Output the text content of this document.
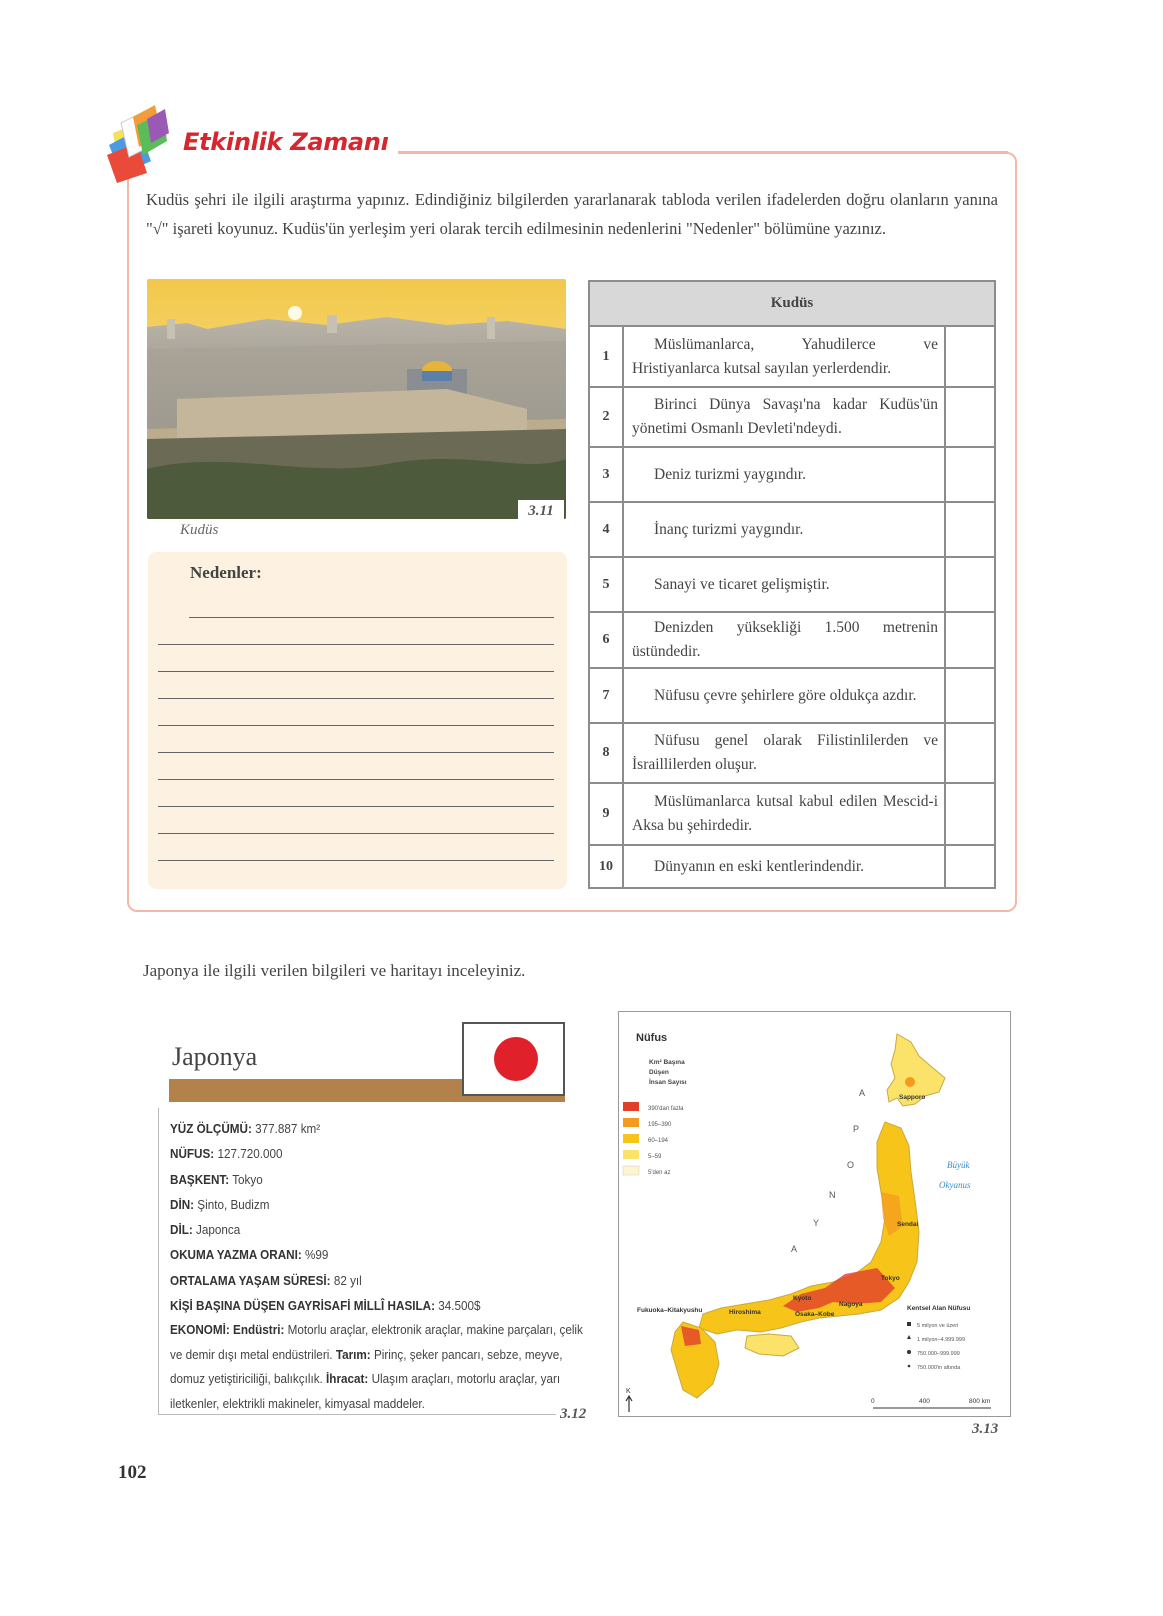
Etkinlik Zamanı
Kudüs şehri ile ilgili araştırma yapınız. Edindiğiniz bilgilerden yararlanarak tabloda verilen ifadelerden doğru olanların yanına "√" işareti koyunuz. Kudüs'ün yerleşim yeri olarak tercih edilmesinin nedenlerini "Nedenler" bölümüne yazınız.
3.11
Kudüs
Nedenler:
Kudüs		
1	Müslümanlarca, Yahudilerce ve Hristiyanlarca kutsal sayılan yerlerdendir.	
2	Birinci Dünya Savaşı'na kadar Kudüs'ün yönetimi Osmanlı Devleti'ndeydi.	
3	Deniz turizmi yaygındır.	
4	İnanç turizmi yaygındır.	
5	Sanayi ve ticaret gelişmiştir.	
6	Denizden yüksekliği 1.500 metrenin üstündedir.	
7	Nüfusu çevre şehirlere göre oldukça azdır.	
8	Nüfusu genel olarak Filistinlilerden ve İsraillilerden oluşur.	
9	Müslümanlarca kutsal kabul edilen Mescid-i Aksa bu şehirdedir.	
10	Dünyanın en eski kentlerindendir.	
Japonya ile ilgili verilen bilgileri ve haritayı inceleyiniz.
Japonya
YÜZ ÖLÇÜMÜ: 377.887 km²
NÜFUS: 127.720.000
BAŞKENT: Tokyo
DİN: Şinto, Budizm
DİL: Japonca
OKUMA YAZMA ORANI: %99
ORTALAMA YAŞAM SÜRESİ: 82 yıl
KİŞİ BAŞINA DÜŞEN GAYRİSAFİ MİLLÎ HASILA: 34.500$
EKONOMİ: Endüstri: Motorlu araçlar, elektronik araçlar, makine parçaları, çelik ve demir dışı metal endüstrileri. Tarım: Pirinç, şeker pancarı, sebze, meyve, domuz yetiştiriciliği, balıkçılık. İhracat: Ulaşım araçları, motorlu araçlar, yarı iletkenler, elektrikli makineler, kimyasal maddeler.
3.12
Nüfus
Km² Başına
Düşen
İnsan Sayısı
390'dan fazla
195–390
60–194
5–59
5'den az
Sapporo
Sendai
Tokyo
Nagoya
Kyoto
Osaka–Kobe
Hiroshima
Fukuoka–Kitakyushu
A
P
O
N
Y
A
Büyük
Okyanus
Kentsel Alan Nüfusu
5 milyon ve üzeri
1 milyon–4.999.999
750.000–999.999
750.000'in altında
0	400	800 km
K
3.13
102
